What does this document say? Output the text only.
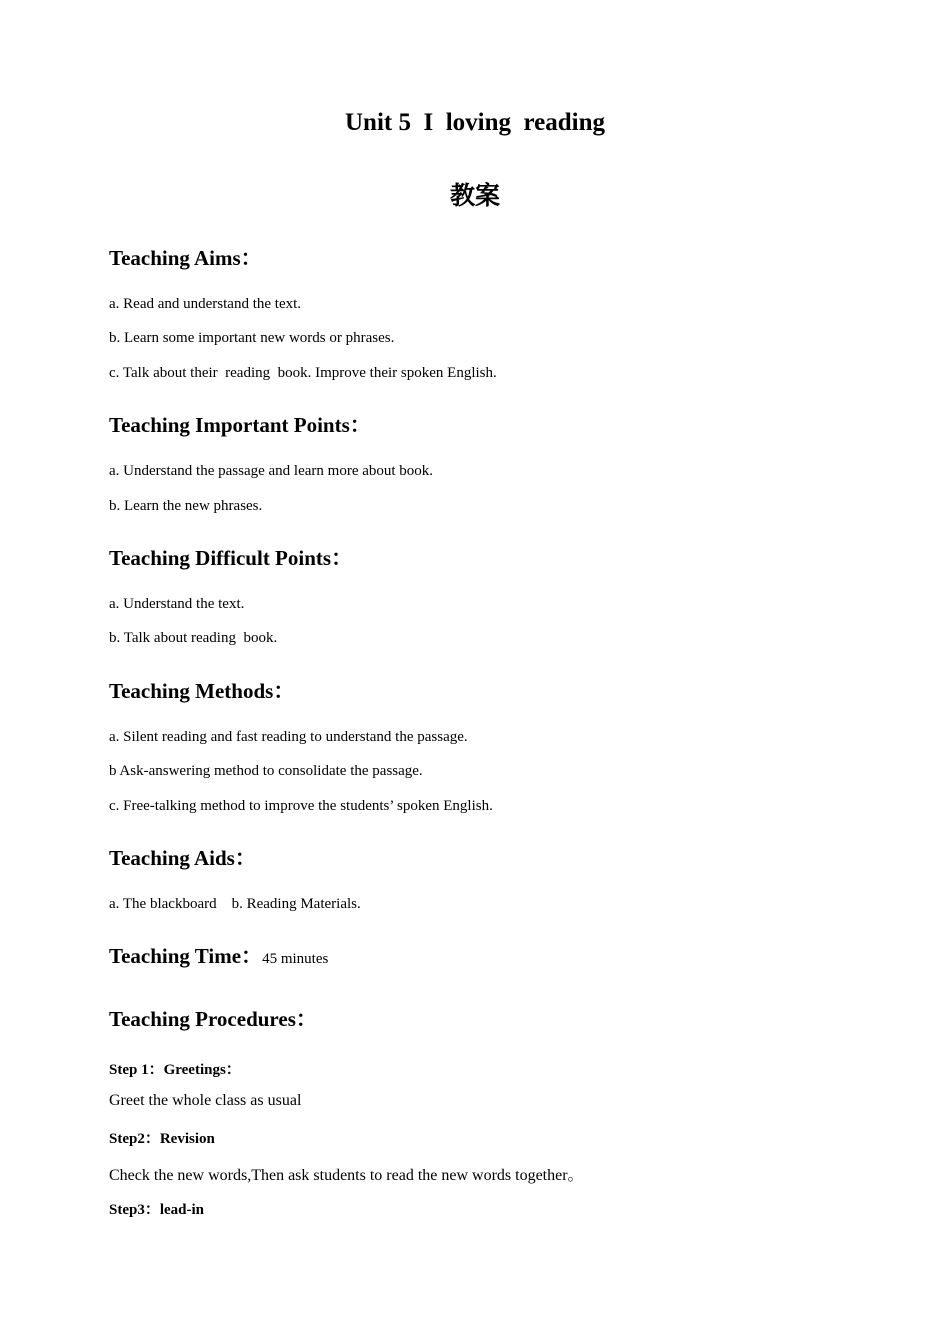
Unit 5  I  loving  reading
教案
Teaching Aims：
a. Read and understand the text.
b. Learn some important new words or phrases.
c. Talk about their  reading  book. Improve their spoken English.
Teaching Important Points：
a. Understand the passage and learn more about book.
b. Learn the new phrases.
Teaching Difficult Points：
a. Understand the text.
b. Talk about reading  book.
Teaching Methods：
a. Silent reading and fast reading to understand the passage.
b Ask-answering method to consolidate the passage.
c. Free-talking method to improve the students’ spoken English.
Teaching Aids：
a. The blackboard    b. Reading Materials.
Teaching Time：45 minutes
Teaching Procedures：
Step 1：Greetings：
Greet the whole class as usual
Step2：Revision
Check the new words,Then ask students to read the new words together。
Step3：lead-in
